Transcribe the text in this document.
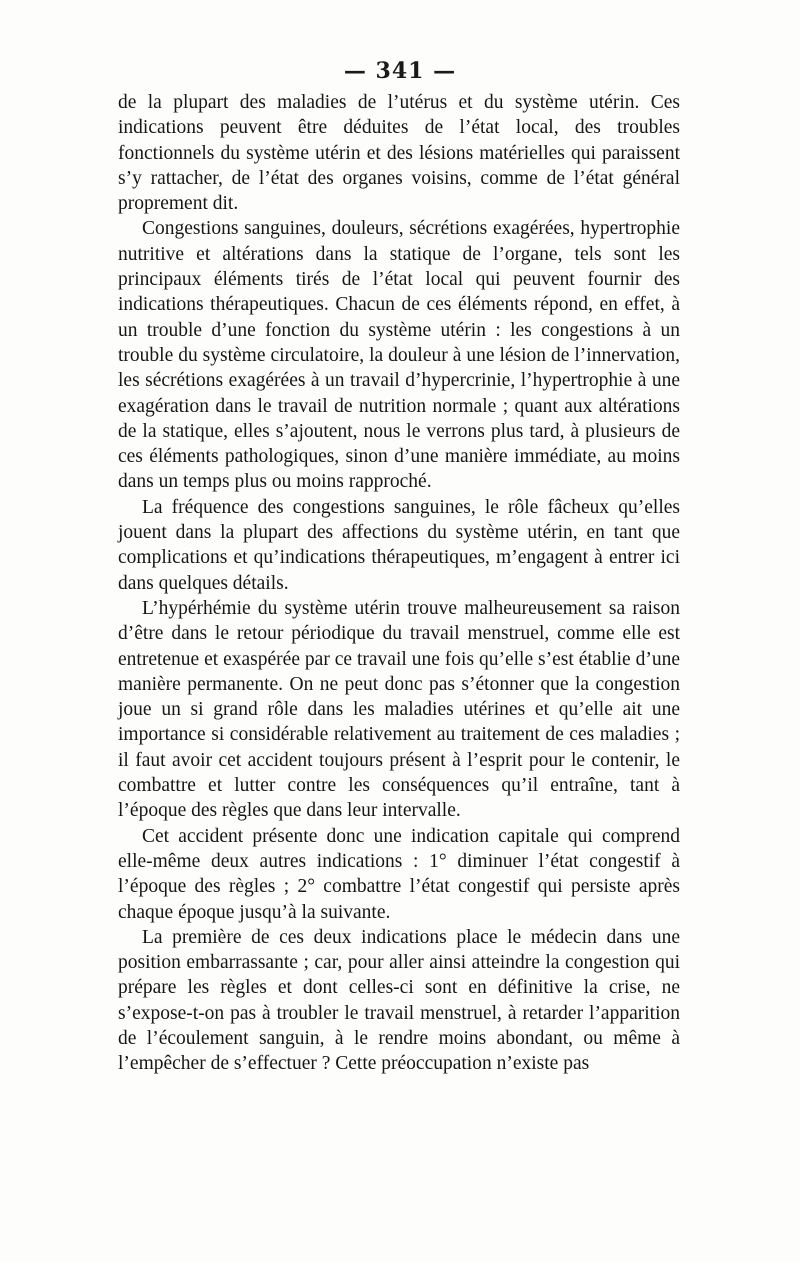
— 341 —

de la plupart des maladies de l’utérus et du système utérin. Ces indications peuvent être déduites de l’état local, des troubles fonctionnels du système utérin et des lésions matérielles qui paraissent s’y rattacher, de l’état des organes voisins, comme de l’état général proprement dit.

Congestions sanguines, douleurs, sécrétions exagérées, hypertrophie nutritive et altérations dans la statique de l’organe, tels sont les principaux éléments tirés de l’état local qui peuvent fournir des indications thérapeutiques. Chacun de ces éléments répond, en effet, à un trouble d’une fonction du système utérin : les congestions à un trouble du système circulatoire, la douleur à une lésion de l’innervation, les sécrétions exagérées à un travail d’hypercrinie, l’hypertrophie à une exagération dans le travail de nutrition normale ; quant aux altérations de la statique, elles s’ajoutent, nous le verrons plus tard, à plusieurs de ces éléments pathologiques, sinon d’une manière immédiate, au moins dans un temps plus ou moins rapproché.

La fréquence des congestions sanguines, le rôle fâcheux qu’elles jouent dans la plupart des affections du système utérin, en tant que complications et qu’indications thérapeutiques, m’engagent à entrer ici dans quelques détails.

L’hypérhémie du système utérin trouve malheureusement sa raison d’être dans le retour périodique du travail menstruel, comme elle est entretenue et exaspérée par ce travail une fois qu’elle s’est établie d’une manière permanente. On ne peut donc pas s’étonner que la congestion joue un si grand rôle dans les maladies utérines et qu’elle ait une importance si considérable relativement au traitement de ces maladies ; il faut avoir cet accident toujours présent à l’esprit pour le contenir, le combattre et lutter contre les conséquences qu’il entraîne, tant à l’époque des règles que dans leur intervalle.

Cet accident présente donc une indication capitale qui comprend elle-même deux autres indications : 1° diminuer l’état congestif à l’époque des règles ; 2° combattre l’état congestif qui persiste après chaque époque jusqu’à la suivante.

La première de ces deux indications place le médecin dans une position embarrassante ; car, pour aller ainsi atteindre la congestion qui prépare les règles et dont celles-ci sont en définitive la crise, ne s’expose-t-on pas à troubler le travail menstruel, à retarder l’apparition de l’écoulement sanguin, à le rendre moins abondant, ou même à l’empêcher de s’effectuer ? Cette préoccupation n’existe pas
